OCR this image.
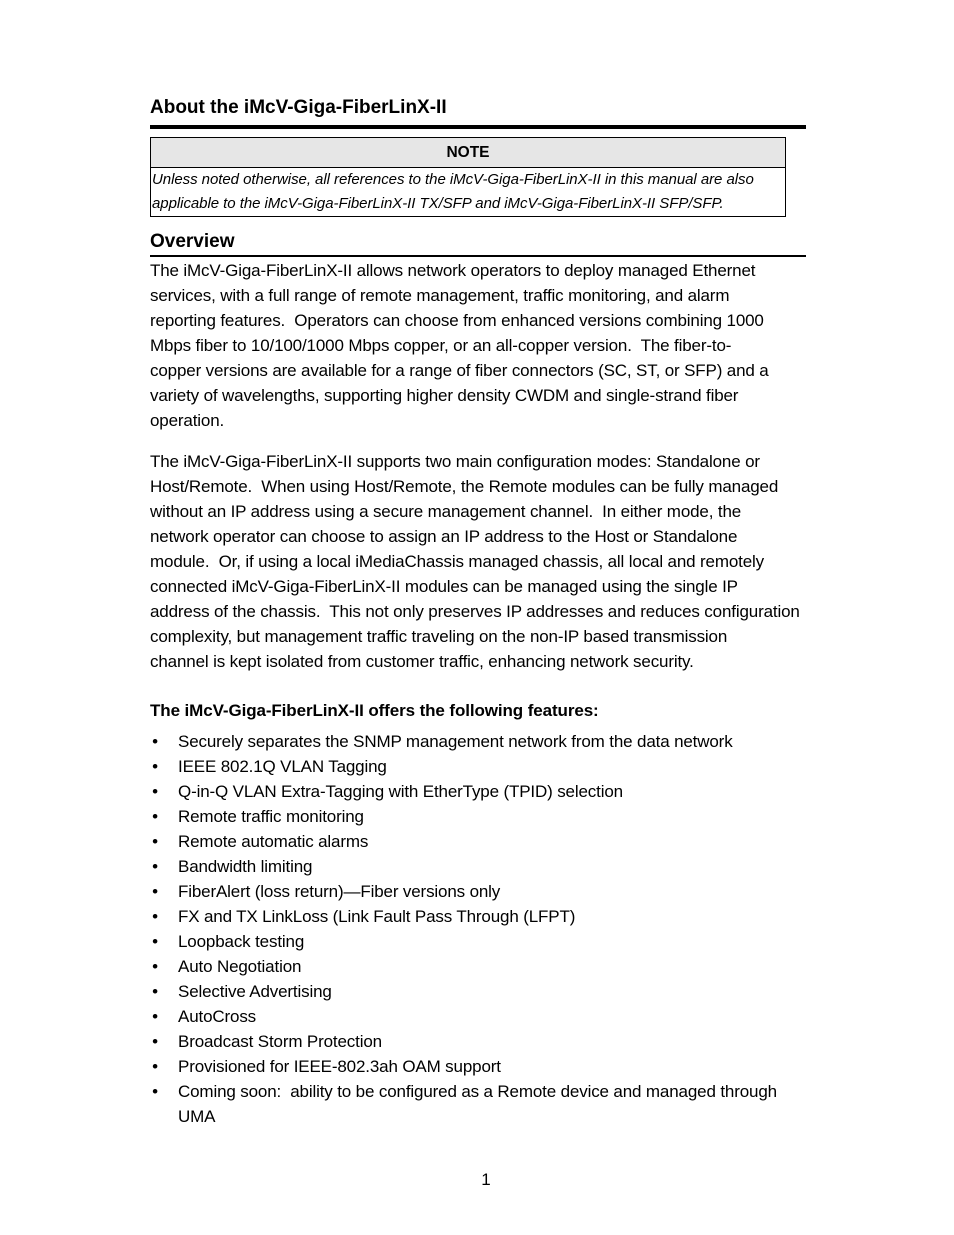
About the iMcV-Giga-FiberLinX-II
NOTE
Unless noted otherwise, all references to the iMcV-Giga-FiberLinX-II in this manual are also
applicable to the iMcV-Giga-FiberLinX-II TX/SFP and iMcV-Giga-FiberLinX-II SFP/SFP.
Overview
The iMcV-Giga-FiberLinX-II allows network operators to deploy managed Ethernet
services, with a full range of remote management, traffic monitoring, and alarm
reporting features.  Operators can choose from enhanced versions combining 1000
Mbps fiber to 10/100/1000 Mbps copper, or an all-copper version.  The fiber-to-
copper versions are available for a range of fiber connectors (SC, ST, or SFP) and a
variety of wavelengths, supporting higher density CWDM and single-strand fiber
operation.
The iMcV-Giga-FiberLinX-II supports two main configuration modes: Standalone or
Host/Remote.  When using Host/Remote, the Remote modules can be fully managed
without an IP address using a secure management channel.  In either mode, the
network operator can choose to assign an IP address to the Host or Standalone
module.  Or, if using a local iMediaChassis managed chassis, all local and remotely
connected iMcV-Giga-FiberLinX-II modules can be managed using the single IP
address of the chassis.  This not only preserves IP addresses and reduces configuration
complexity, but management traffic traveling on the non-IP based transmission
channel is kept isolated from customer traffic, enhancing network security.
The iMcV-Giga-FiberLinX-II offers the following features:
•	Securely separates the SNMP management network from the data network
•	IEEE 802.1Q VLAN Tagging
•	Q-in-Q VLAN Extra-Tagging with EtherType (TPID) selection
•	Remote traffic monitoring
•	Remote automatic alarms
•	Bandwidth limiting
•	FiberAlert (loss return)—Fiber versions only
•	FX and TX LinkLoss (Link Fault Pass Through (LFPT)
•	Loopback testing
•	Auto Negotiation
•	Selective Advertising
•	AutoCross
•	Broadcast Storm Protection
•	Provisioned for IEEE-802.3ah OAM support
•	Coming soon:  ability to be configured as a Remote device and managed through UMA
1
